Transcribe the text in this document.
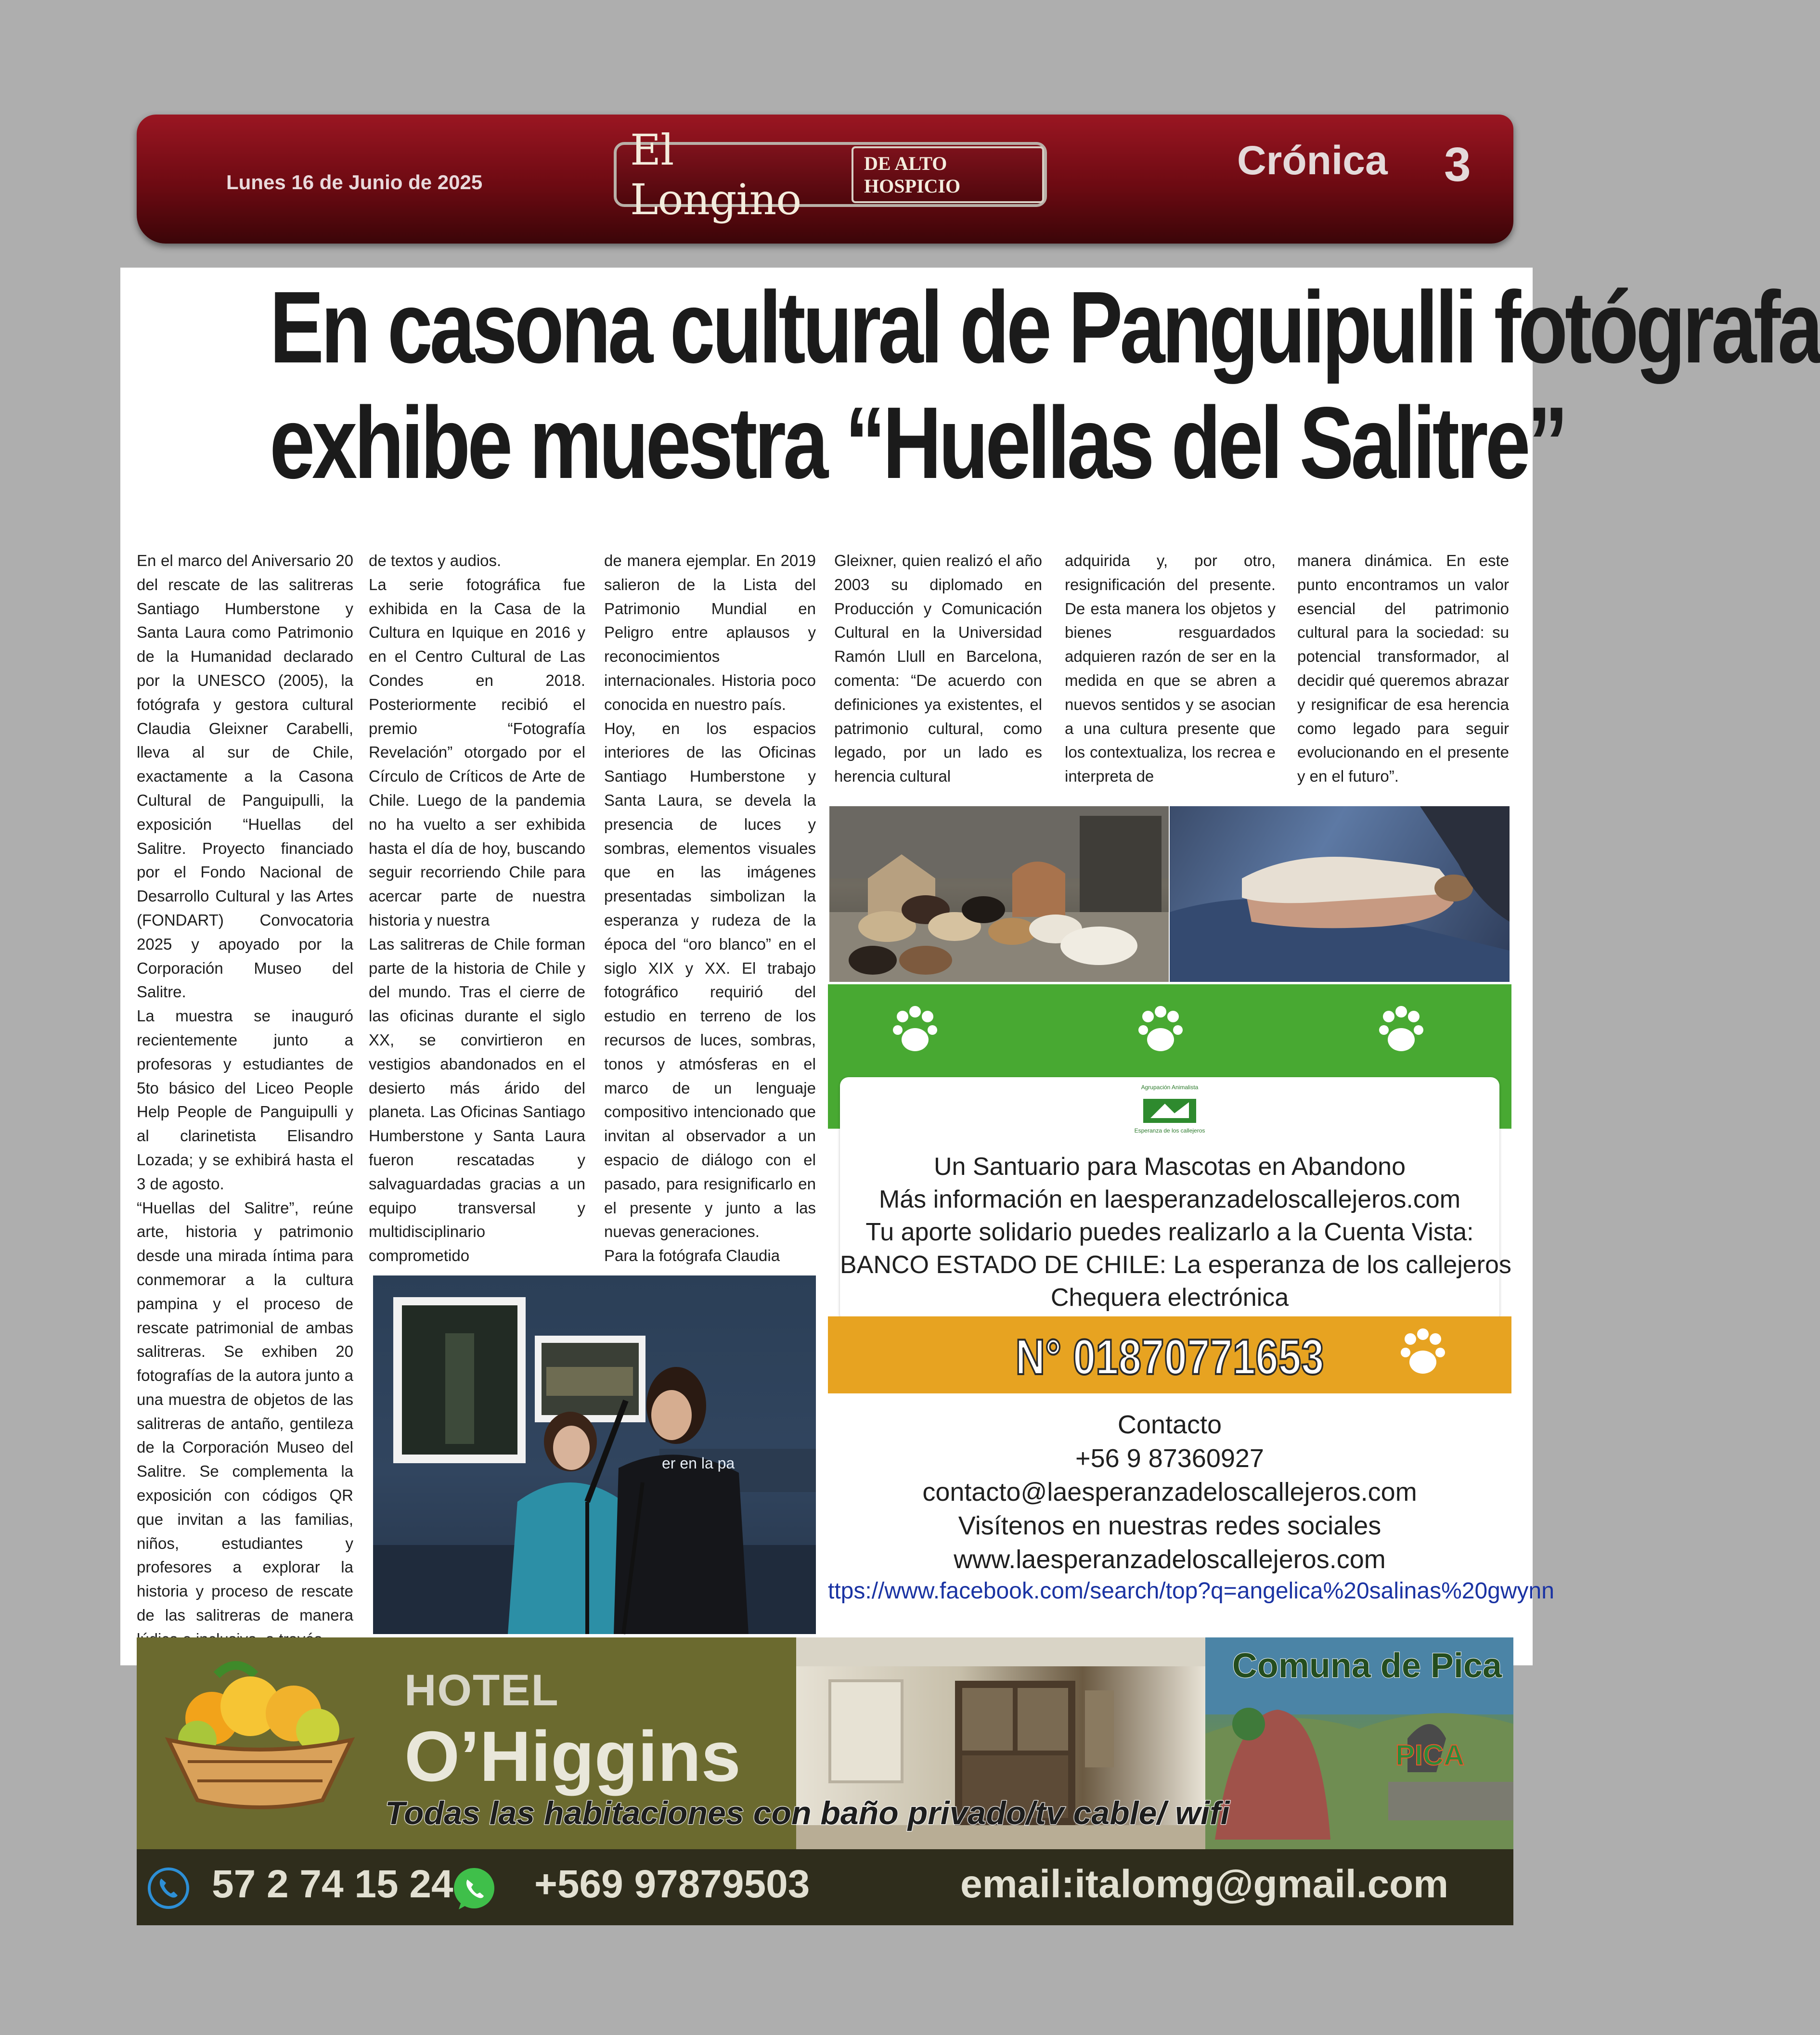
Lunes 16 de Junio de 2025
El Longino
DE ALTO HOSPICIO
Crónica	3
En casona cultural de Panguipulli fotógrafa
exhibe muestra “Huellas del Salitre”

En el marco del Aniversario 20 del rescate de las salitreras Santiago Humberstone y Santa Laura como Patrimonio de la Humanidad declarado por la UNESCO (2005), la fotógrafa y gestora cultural Claudia Gleixner Carabelli, lleva al sur de Chile, exactamente a la Casona Cultural de Panguipulli, la exposición “Huellas del Salitre. Proyecto financiado por el Fondo Nacional de Desarrollo Cultural y las Artes (FONDART) Convocatoria 2025 y apoyado por la Corporación Museo del Salitre.

La muestra se inauguró recientemente junto a profesoras y estudiantes de 5to básico del Liceo People Help People de Panguipulli y al clarinetista Elisandro Lozada; y se exhibirá hasta el 3 de agosto.

“Huellas del Salitre”, reúne arte, historia y patrimonio desde una mirada íntima para conmemorar a la cultura pampina y el proceso de rescate patrimonial de ambas salitreras. Se exhiben 20 fotografías de la autora junto a una muestra de objetos de las salitreras de antaño, gentileza de la Corporación Museo del Salitre. Se complementa la exposición con códigos QR que invitan a las familias, niños, estudiantes y profesores a explorar la historia y proceso de rescate de las salitreras de manera

de textos y audios.

La serie fotográfica fue exhibida en la Casa de la Cultura en Iquique en 2016 y en el Centro Cultural de Las Condes en 2018. Posteriormente recibió el premio “Fotografía Revelación” otorgado por el Círculo de Críticos de Arte de Chile. Luego de la pandemia no ha vuelto a ser exhibida hasta el día de hoy, buscando seguir recorriendo Chile para acercar parte de nuestra historia y nuestra

Las salitreras de Chile forman parte de la historia de Chile y del mundo. Tras el cierre de las oficinas durante el siglo XX, se convirtieron en vestigios abandonados en el desierto más árido del planeta. Las Oficinas Santiago Humberstone y Santa Laura fueron rescatadas y salvaguardadas gracias a un equipo transversal y multidisciplinario comprometido

de manera ejemplar. En 2019 salieron de la Lista del Patrimonio Mundial en Peligro entre aplausos y reconocimientos internacionales. Historia poco conocida en nuestro país.

Hoy, en los espacios interiores de las Oficinas Santiago Humberstone y Santa Laura, se devela la presencia de luces y sombras, elementos visuales que en las imágenes presentadas simbolizan la esperanza y rudeza de la época del “oro blanco” en el siglo XIX y XX. El trabajo fotográfico requirió del estudio en terreno de los recursos de luces, sombras, tonos y atmósferas en el marco de un lenguaje compositivo intencionado que invitan al observador a un espacio de diálogo con el pasado, para resignificarlo en el presente y junto a las nuevas generaciones.

Para la fotógrafa Claudia

Gleixner, quien realizó el año 2003 su diplomado en Producción y Comunicación Cultural en la Universidad Ramón Llull en Barcelona, comenta: “De acuerdo con definiciones ya existentes, el patrimonio cultural, como legado, por un lado es herencia cultural

adquirida y, por otro, resignificación del presente. De esta manera los objetos y bienes resguardados adquieren razón de ser en la medida en que se abren a nuevos sentidos y se asocian a una cultura presente que los contextualiza, los recrea e interpreta de

manera dinámica. En este punto encontramos un valor esencial del patrimonio cultural para la sociedad: su potencial transformador, al decidir qué queremos abrazar y resignificar de esa herencia como legado para seguir evolucionando en el presente y en el futuro”.

er en la pa
Agrupación Animalista
Esperanza de los callejeros
Un Santuario para Mascotas en Abandono
Más información en laesperanzadeloscallejeros.com
Tu aporte solidario puedes realizarlo a la Cuenta Vista:
BANCO ESTADO DE CHILE: La esperanza de los callejeros
Chequera electrónica
N° 01870771653
Contacto
+56 9 87360927
contacto@laesperanzadeloscallejeros.com
Visítenos en nuestras redes sociales
www.laesperanzadeloscallejeros.com
ttps://www.facebook.com/search/top?q=angelica%20salinas%20gwynn
HOTEL
O’Higgins	PICA
Comuna de Pica
Todas las habitaciones con baño privado/tv cable/ wifi
57 2 74 15 24 +569 97879503	email:italomg@gmail.com
